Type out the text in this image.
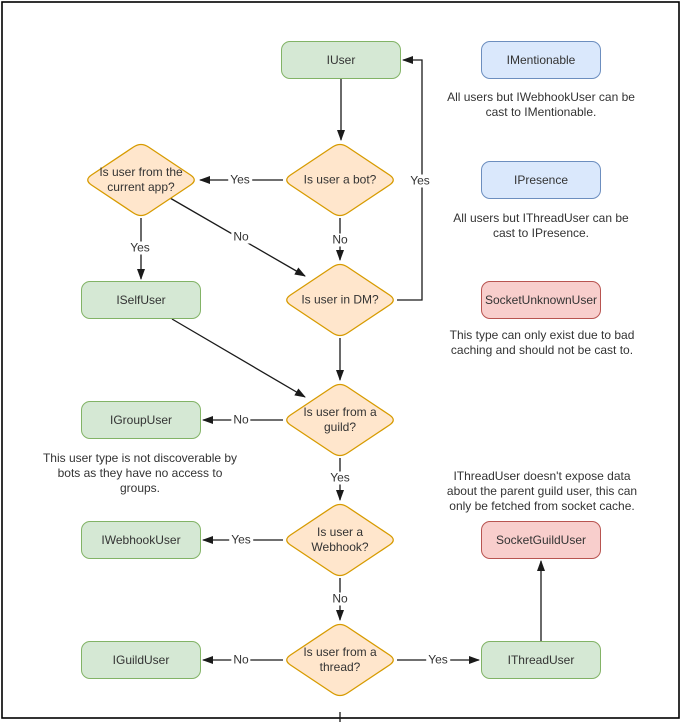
IUser
ISelfUser
IGroupUser
IWebhookUser
IGuildUser	IThreadUser
IMentionable
IPresence
SocketUnknownUser
SocketGuildUser
Is user from the current app?
Is user a bot?
Is user in DM?
Is user from a guild?
Is user a Webhook?
Is user from a thread?
Yes
No
Yes
Yes
No
No
Yes
Yes
No
No	Yes
All users but IWebhookUser can be cast to IMentionable.
All users but IThreadUser can be cast to IPresence.
This type can only exist due to bad caching and should not be cast to.
This user type is not discoverable by bots as they have no access to groups.
IThreadUser doesn't expose data about the parent guild user, this can only be fetched from socket cache.
